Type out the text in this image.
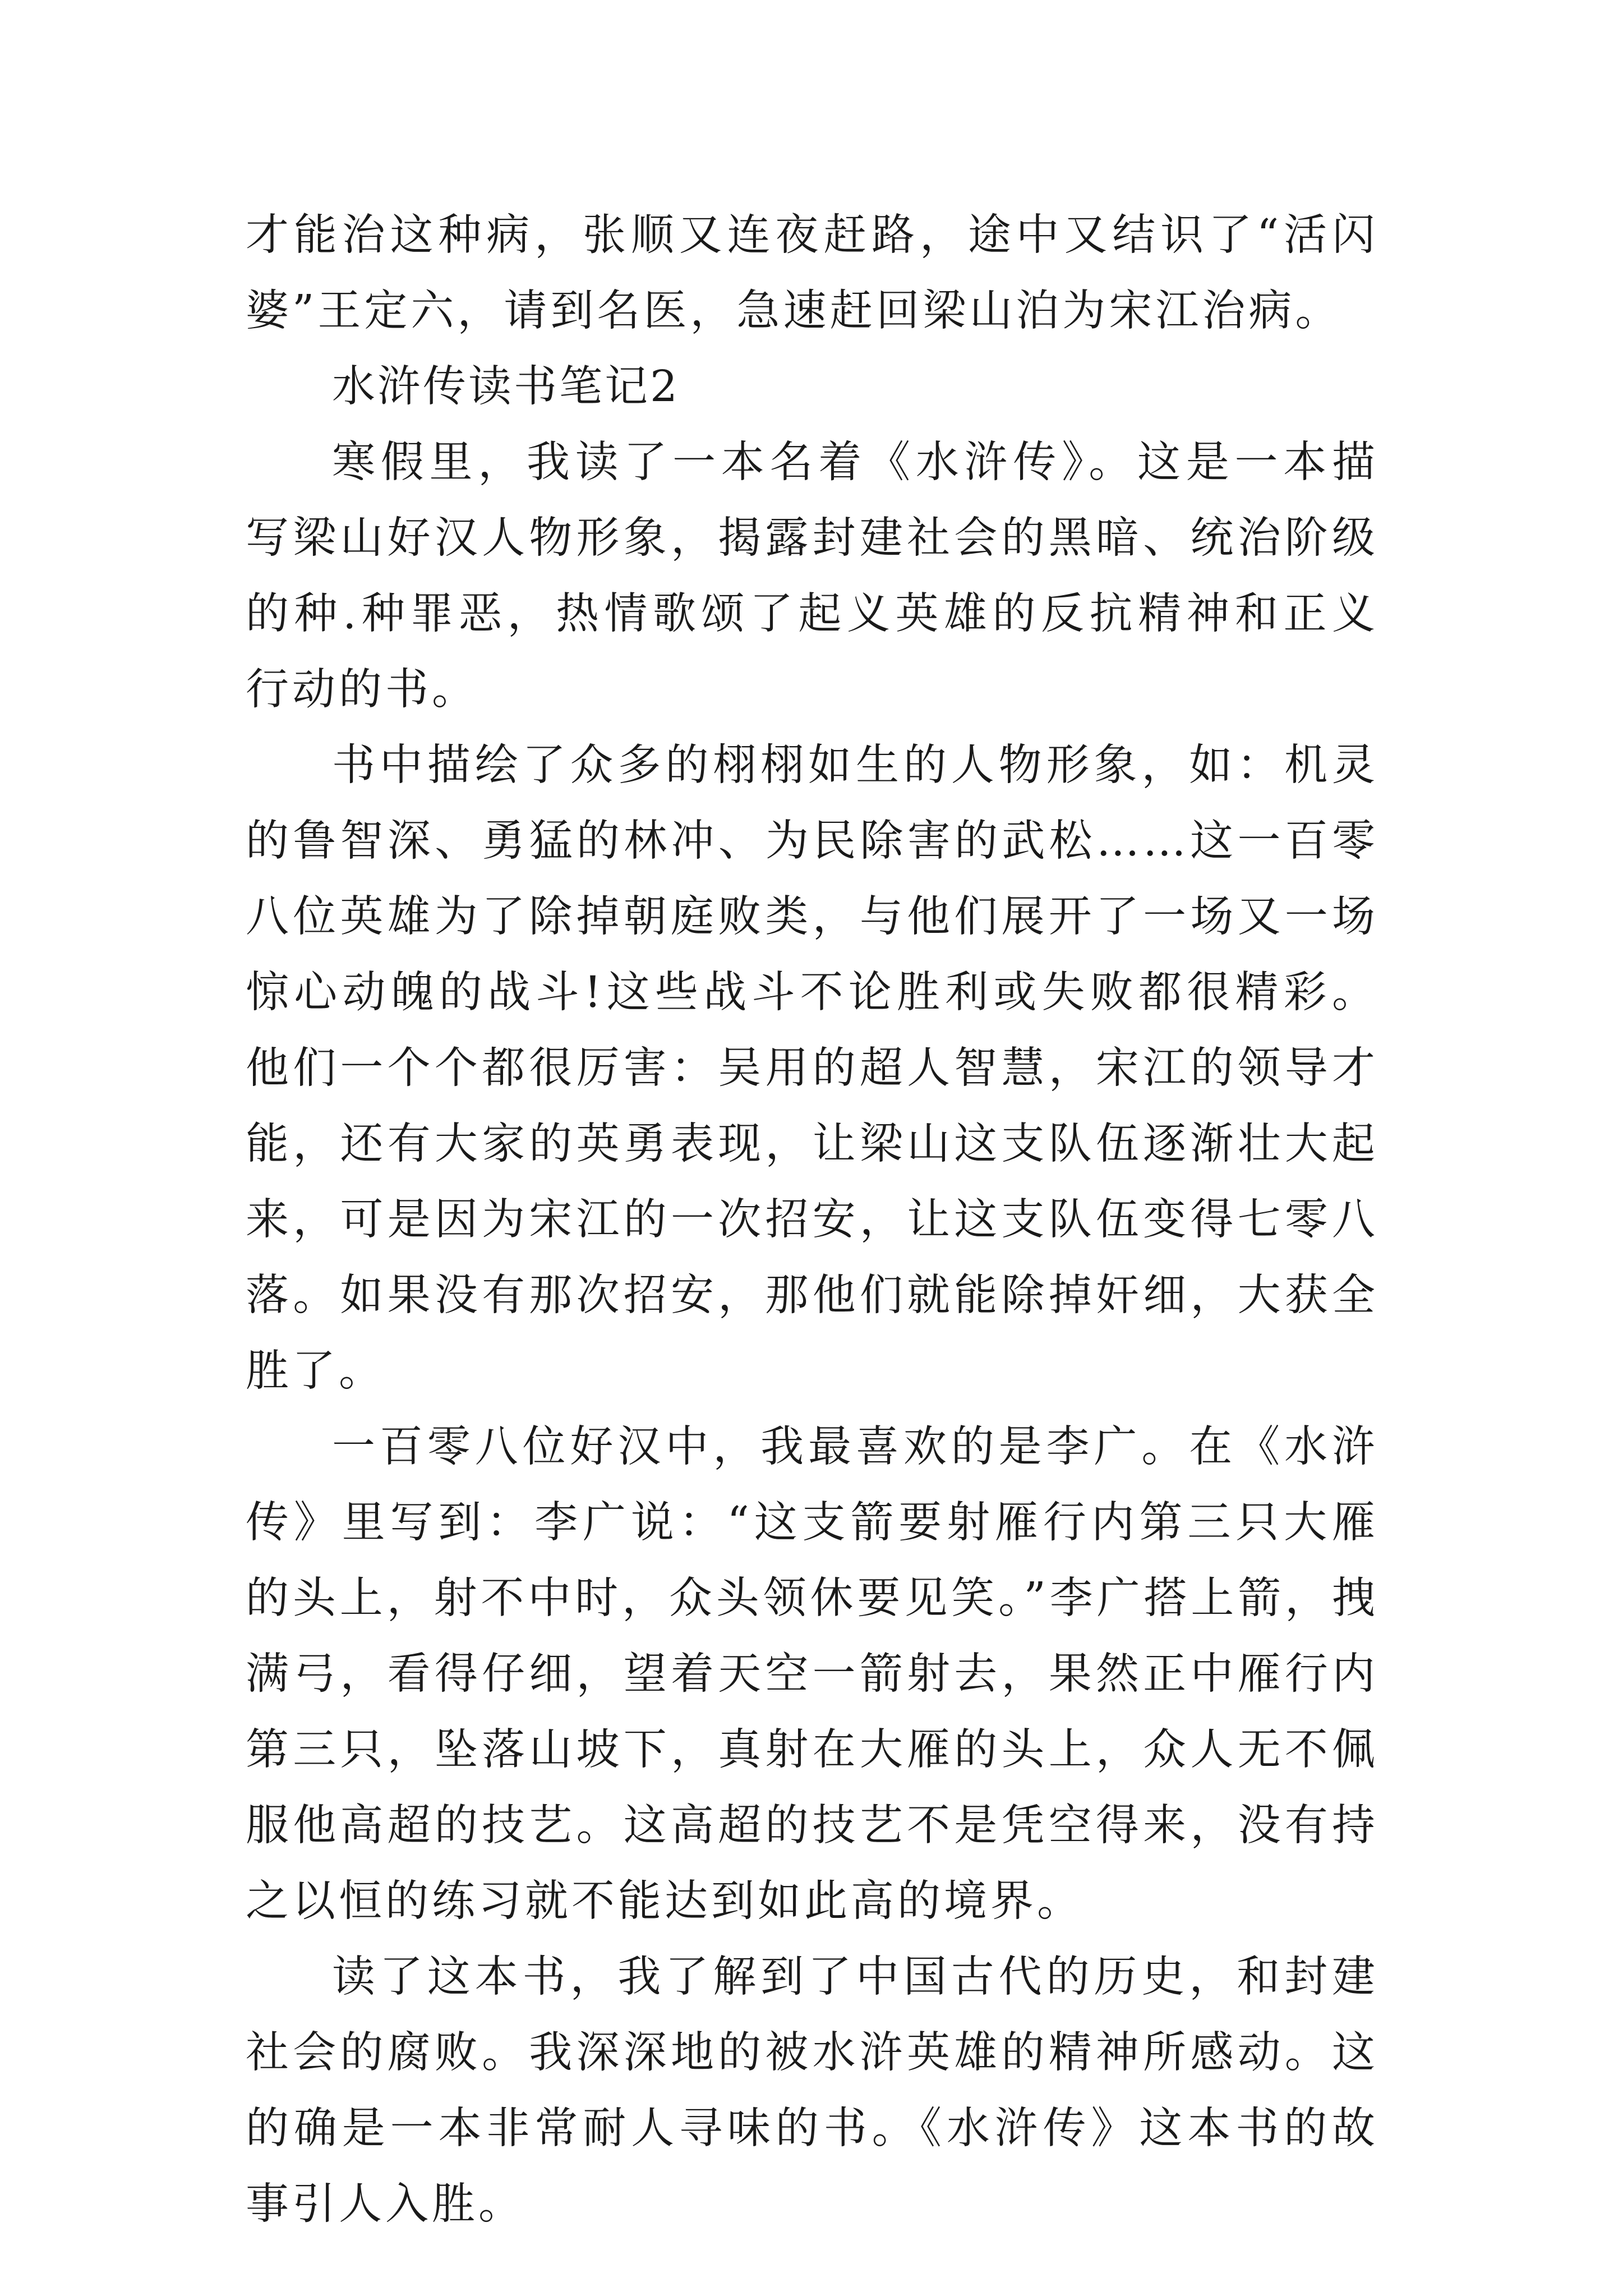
才能治这种病，张顺又连夜赶路，途中又结识了“活闪婆”王定六，请到名医，急速赶回梁山泊为宋江治病。

水浒传读书笔记2

寒假里，我读了一本名着《水浒传》。这是一本描写梁山好汉人物形象，揭露封建社会的黑暗、统治阶级的种.种罪恶，热情歌颂了起义英雄的反抗精神和正义行动的书。

书中描绘了众多的栩栩如生的人物形象，如：机灵的鲁智深、勇猛的林冲、为民除害的武松……这一百零八位英雄为了除掉朝庭败类，与他们展开了一场又一场惊心动魄的战斗!这些战斗不论胜利或失败都很精彩。他们一个个都很厉害：吴用的超人智慧，宋江的领导才能，还有大家的英勇表现，让梁山这支队伍逐渐壮大起来，可是因为宋江的一次招安，让这支队伍变得七零八落。如果没有那次招安，那他们就能除掉奸细，大获全胜了。

一百零八位好汉中，我最喜欢的是李广。在《水浒传》里写到：李广说：“这支箭要射雁行内第三只大雁的头上，射不中时，众头领休要见笑。”李广搭上箭，拽满弓，看得仔细，望着天空一箭射去，果然正中雁行内第三只，坠落山坡下，真射在大雁的头上，众人无不佩服他高超的技艺。这高超的技艺不是凭空得来，没有持之以恒的练习就不能达到如此高的境界。

读了这本书，我了解到了中国古代的历史，和封建社会的腐败。我深深地的被水浒英雄的精神所感动。这的确是一本非常耐人寻味的书。《水浒传》这本书的故事引人入胜。
